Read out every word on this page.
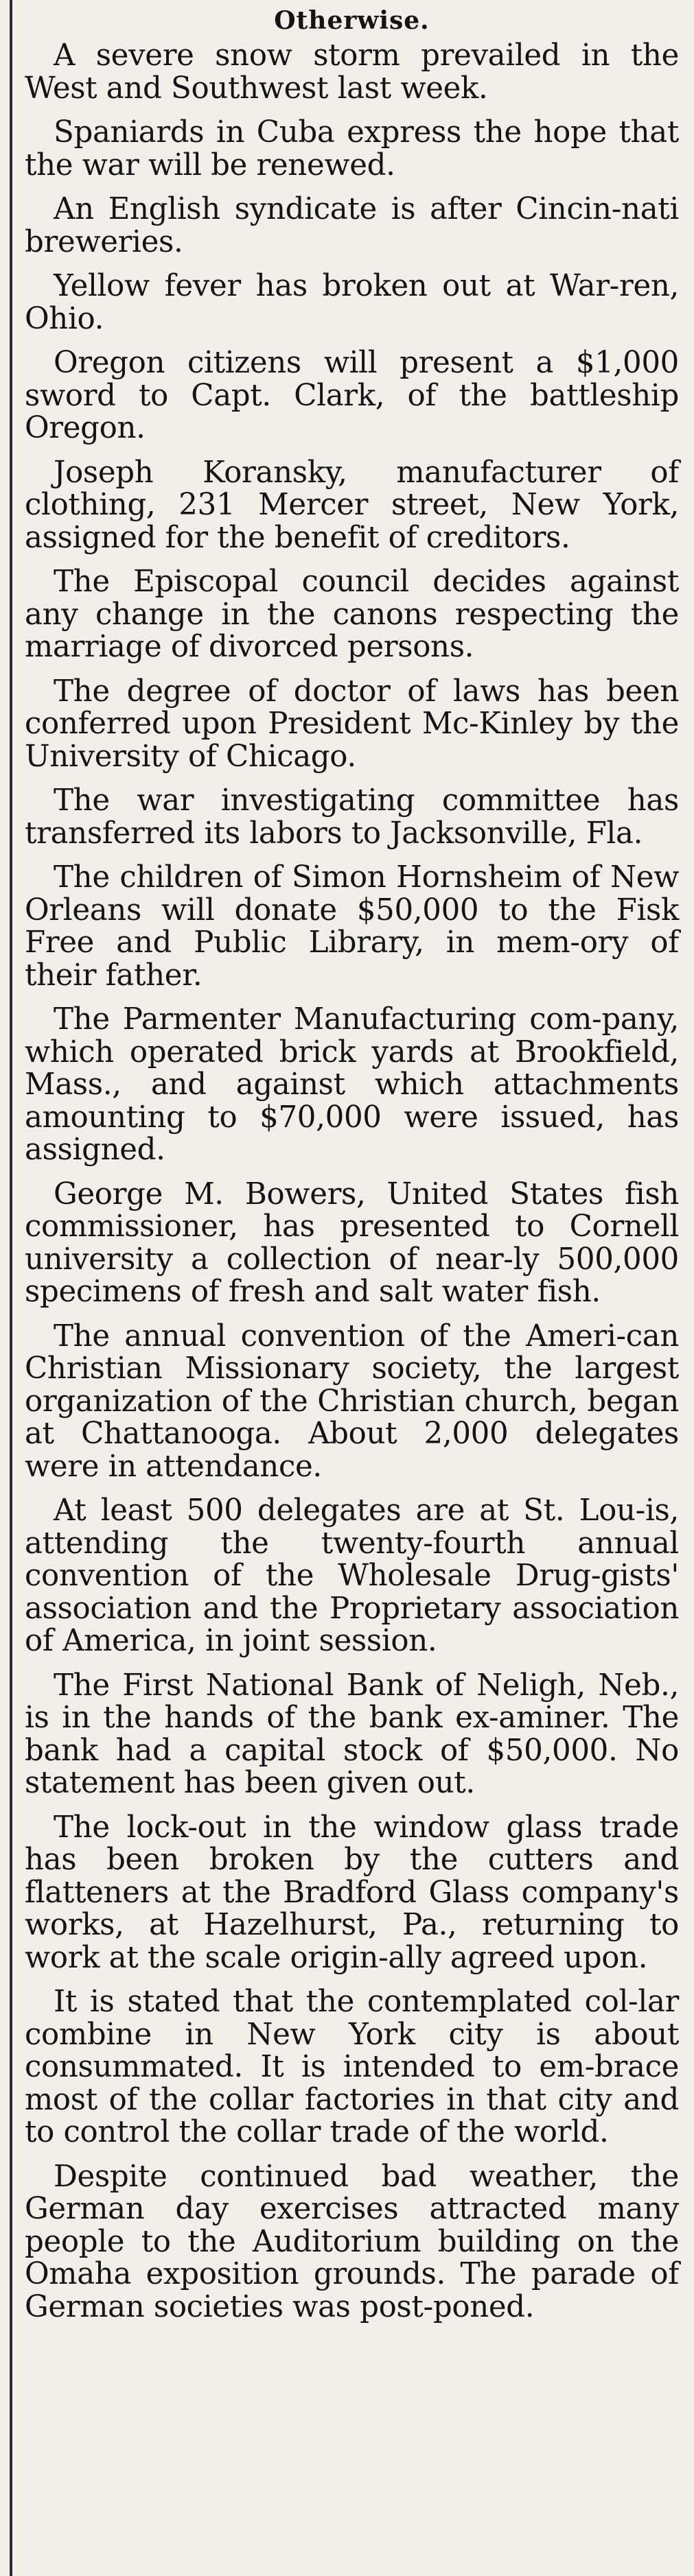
Otherwise.

A severe snow storm prevailed in the West and Southwest last week.

Spaniards in Cuba express the hope that the war will be renewed.

An English syndicate is after Cincin-nati breweries.

Yellow fever has broken out at War-ren, Ohio.

Oregon citizens will present a $1,000 sword to Capt. Clark, of the battleship Oregon.

Joseph Koransky, manufacturer of clothing, 231 Mercer street, New York, assigned for the benefit of creditors.

The Episcopal council decides against any change in the canons respecting the marriage of divorced persons.

The degree of doctor of laws has been conferred upon President Mc-Kinley by the University of Chicago.

The war investigating committee has transferred its labors to Jacksonville, Fla.

The children of Simon Hornsheim of New Orleans will donate $50,000 to the Fisk Free and Public Library, in mem-ory of their father.

The Parmenter Manufacturing com-pany, which operated brick yards at Brookfield, Mass., and against which attachments amounting to $70,000 were issued, has assigned.

George M. Bowers, United States fish commissioner, has presented to Cornell university a collection of near-ly 500,000 specimens of fresh and salt water fish.

The annual convention of the Ameri-can Christian Missionary society, the largest organization of the Christian church, began at Chattanooga. About 2,000 delegates were in attendance.

At least 500 delegates are at St. Lou-is, attending the twenty-fourth annual convention of the Wholesale Drug-gists' association and the Proprietary association of America, in joint session.

The First National Bank of Neligh, Neb., is in the hands of the bank ex-aminer. The bank had a capital stock of $50,000. No statement has been given out.

The lock-out in the window glass trade has been broken by the cutters and flatteners at the Bradford Glass company's works, at Hazelhurst, Pa., returning to work at the scale origin-ally agreed upon.

It is stated that the contemplated col-lar combine in New York city is about consummated. It is intended to em-brace most of the collar factories in that city and to control the collar trade of the world.

Despite continued bad weather, the German day exercises attracted many people to the Auditorium building on the Omaha exposition grounds. The parade of German societies was post-poned.
